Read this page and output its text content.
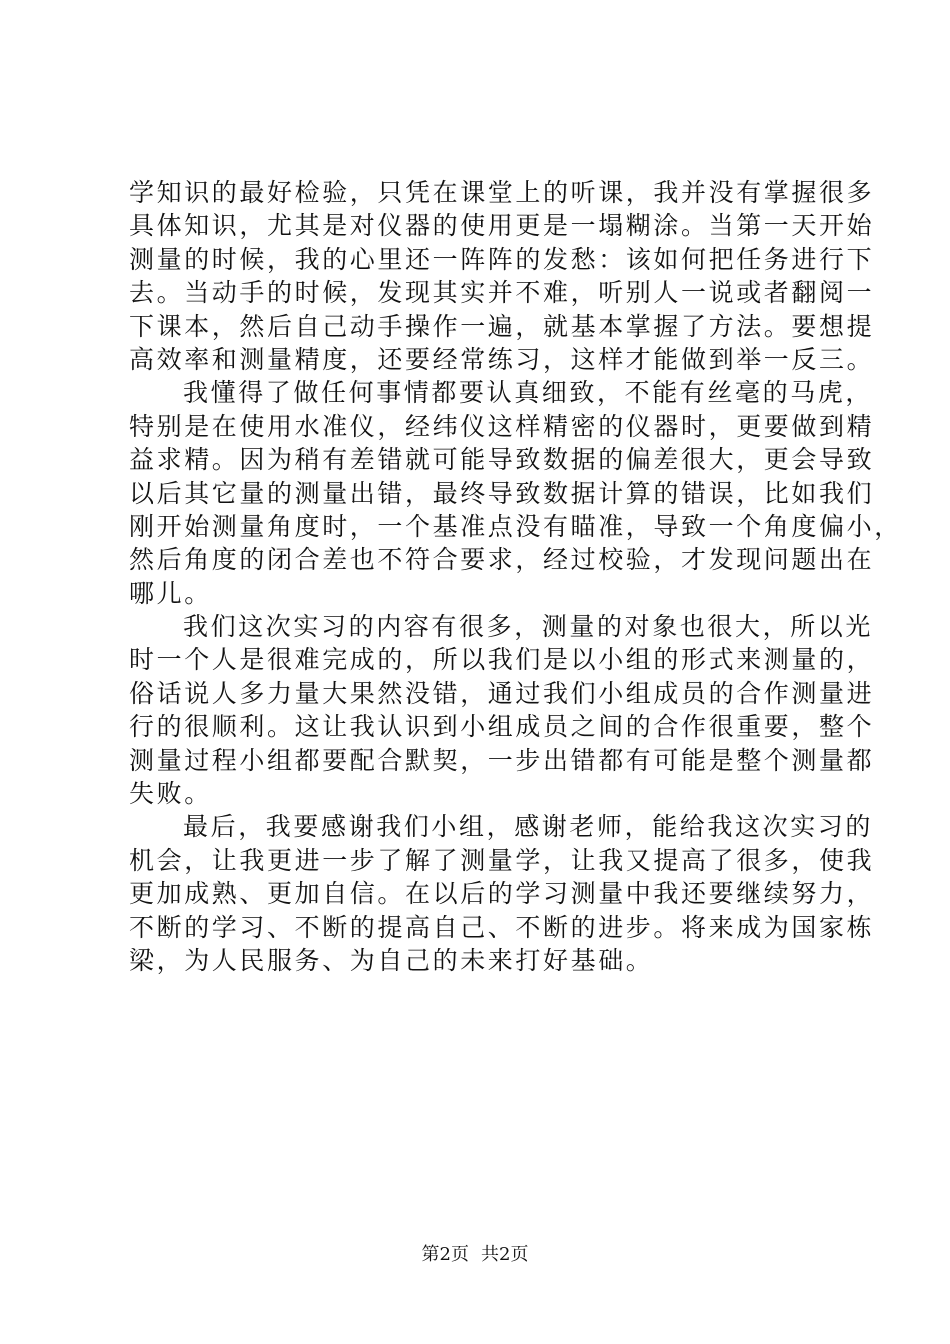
学知识的最好检验，只凭在课堂上的听课，我并没有掌握很多
具体知识，尤其是对仪器的使用更是一塌糊涂。当第一天开始
测量的时候，我的心里还一阵阵的发愁：该如何把任务进行下
去。当动手的时候，发现其实并不难，听别人一说或者翻阅一
下课本，然后自己动手操作一遍，就基本掌握了方法。要想提
高效率和测量精度，还要经常练习，这样才能做到举一反三。
我懂得了做任何事情都要认真细致，不能有丝毫的马虎，
特别是在使用水准仪，经纬仪这样精密的仪器时，更要做到精
益求精。因为稍有差错就可能导致数据的偏差很大，更会导致
以后其它量的测量出错，最终导致数据计算的错误，比如我们
刚开始测量角度时，一个基准点没有瞄准，导致一个角度偏小，
然后角度的闭合差也不符合要求，经过校验，才发现问题出在
哪儿。
我们这次实习的内容有很多，测量的对象也很大，所以光
时一个人是很难完成的，所以我们是以小组的形式来测量的，
俗话说人多力量大果然没错，通过我们小组成员的合作测量进
行的很顺利。这让我认识到小组成员之间的合作很重要，整个
测量过程小组都要配合默契，一步出错都有可能是整个测量都
失败。
最后，我要感谢我们小组，感谢老师，能给我这次实习的
机会，让我更进一步了解了测量学，让我又提高了很多，使我
更加成熟、更加自信。在以后的学习测量中我还要继续努力，
不断的学习、不断的提高自己、不断的进步。将来成为国家栋
梁，为人民服务、为自己的未来打好基础。
第2页 共2页
